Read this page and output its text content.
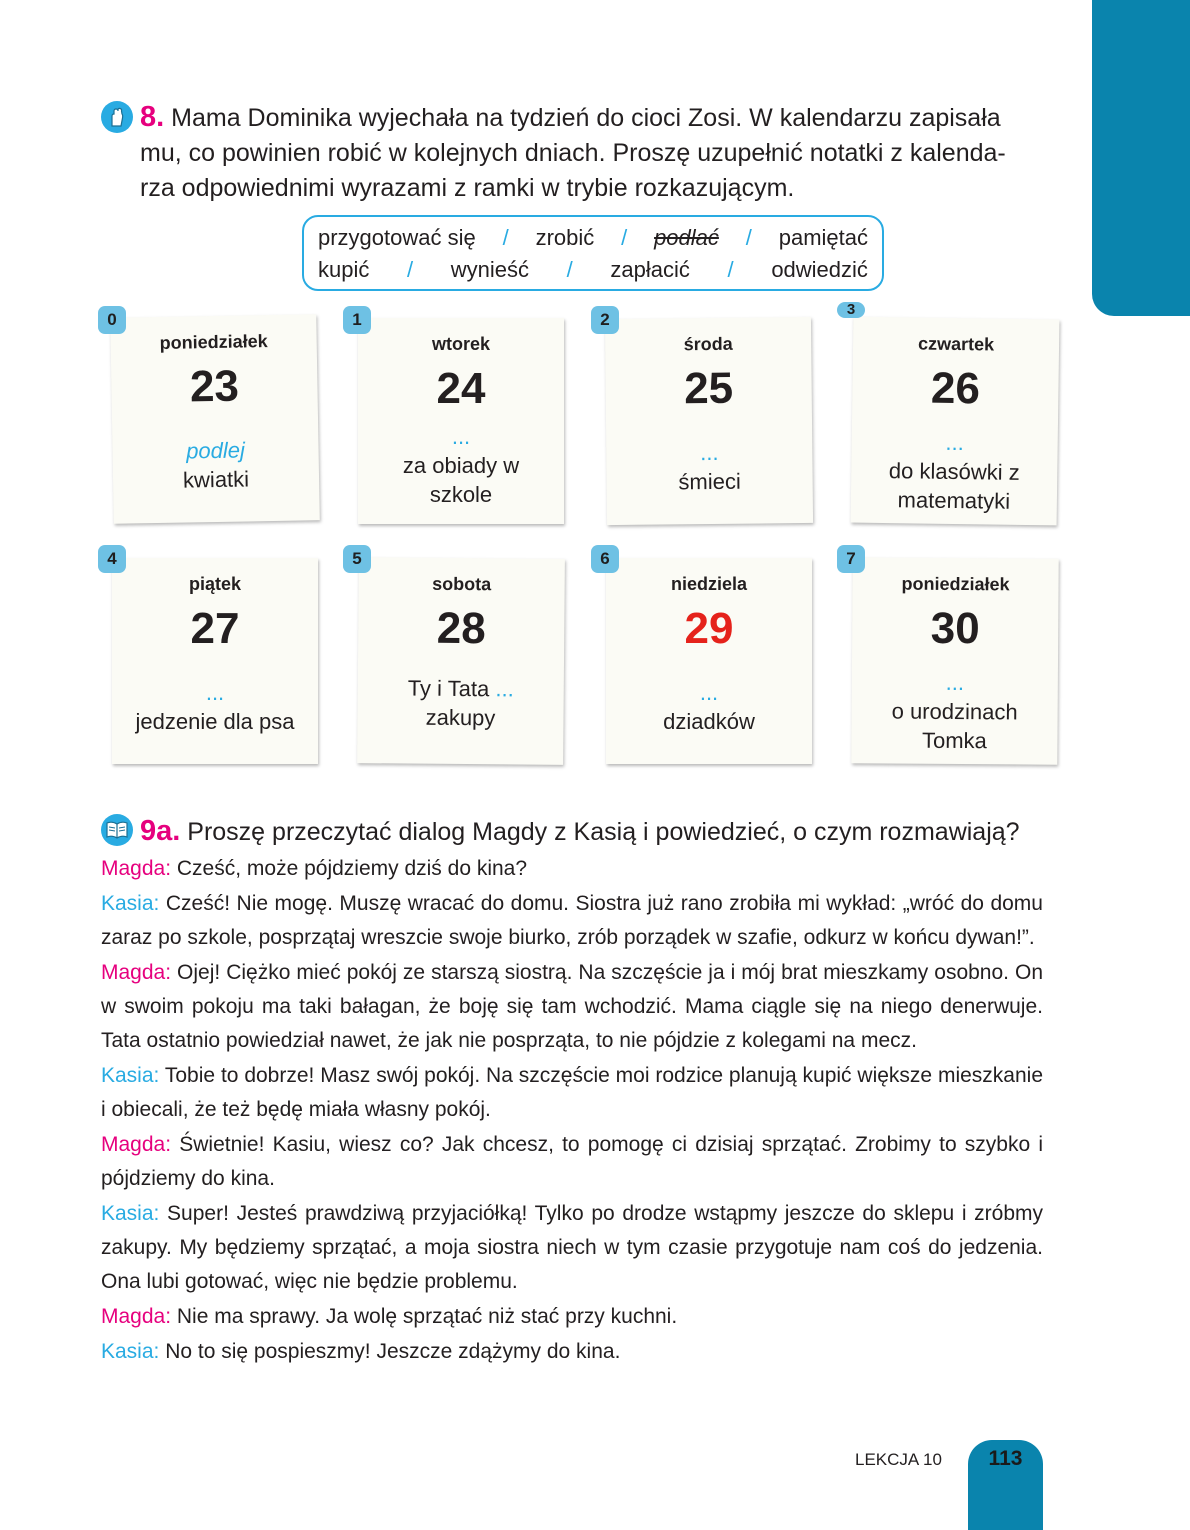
8. Mama Dominika wyjechała na tydzień do cioci Zosi. W kalendarzu zapisała
mu, co powinien robić w kolejnych dniach. Proszę uzupełnić notatki z kalenda-
rza odpowiednimi wyrazami z ramki w trybie rozkazującym.
przygotować się / zrobić / podlać / pamiętać
kupić / wynieść / zapłacić / odwiedzić
poniedziałek
23
podlej
kwiatki
0
wtorek
24
...
za obiady w
szkole
1
środa
25
...
śmieci
2
czwartek
26
...
do klasówki z
matematyki
3
piątek
27
...
jedzenie dla psa
4
sobota
28
Ty i Tata ...
zakupy
5
niedziela
29
...
dziadków
6
poniedziałek
30
...
o urodzinach
Tomka
7
9a. Proszę przeczytać dialog Magdy z Kasią i powiedzieć, o czym rozmawiają?

Magda: Cześć, może pójdziemy dziś do kina?

Kasia: Cześć! Nie mogę. Muszę wracać do domu. Siostra już rano zrobiła mi wykład: „wróć do domu zaraz po szkole, posprzątaj wreszcie swoje biurko, zrób porządek w szafie, odkurz w końcu dywan!”.

Magda: Ojej! Ciężko mieć pokój ze starszą siostrą. Na szczęście ja i mój brat mieszkamy osobno. On w swoim pokoju ma taki bałagan, że boję się tam wchodzić. Mama ciągle się na niego denerwuje. Tata ostatnio powiedział nawet, że jak nie posprząta, to nie pójdzie z kolegami na mecz.

Kasia: Tobie to dobrze! Masz swój pokój. Na szczęście moi rodzice planują kupić większe mieszkanie i obiecali, że też będę miała własny pokój.

Magda: Świetnie! Kasiu, wiesz co? Jak chcesz, to pomogę ci dzisiaj sprzątać. Zrobimy to szybko i pójdziemy do kina.

Kasia: Super! Jesteś prawdziwą przyjaciółką! Tylko po drodze wstąpmy jeszcze do sklepu i zróbmy zakupy. My będziemy sprzątać, a moja siostra niech w tym czasie przygotuje nam coś do jedzenia. Ona lubi gotować, więc nie będzie problemu.

Magda: Nie ma sprawy. Ja wolę sprzątać niż stać przy kuchni.

Kasia: No to się pospieszmy! Jeszcze zdążymy do kina.

LEKCJA 10	113
